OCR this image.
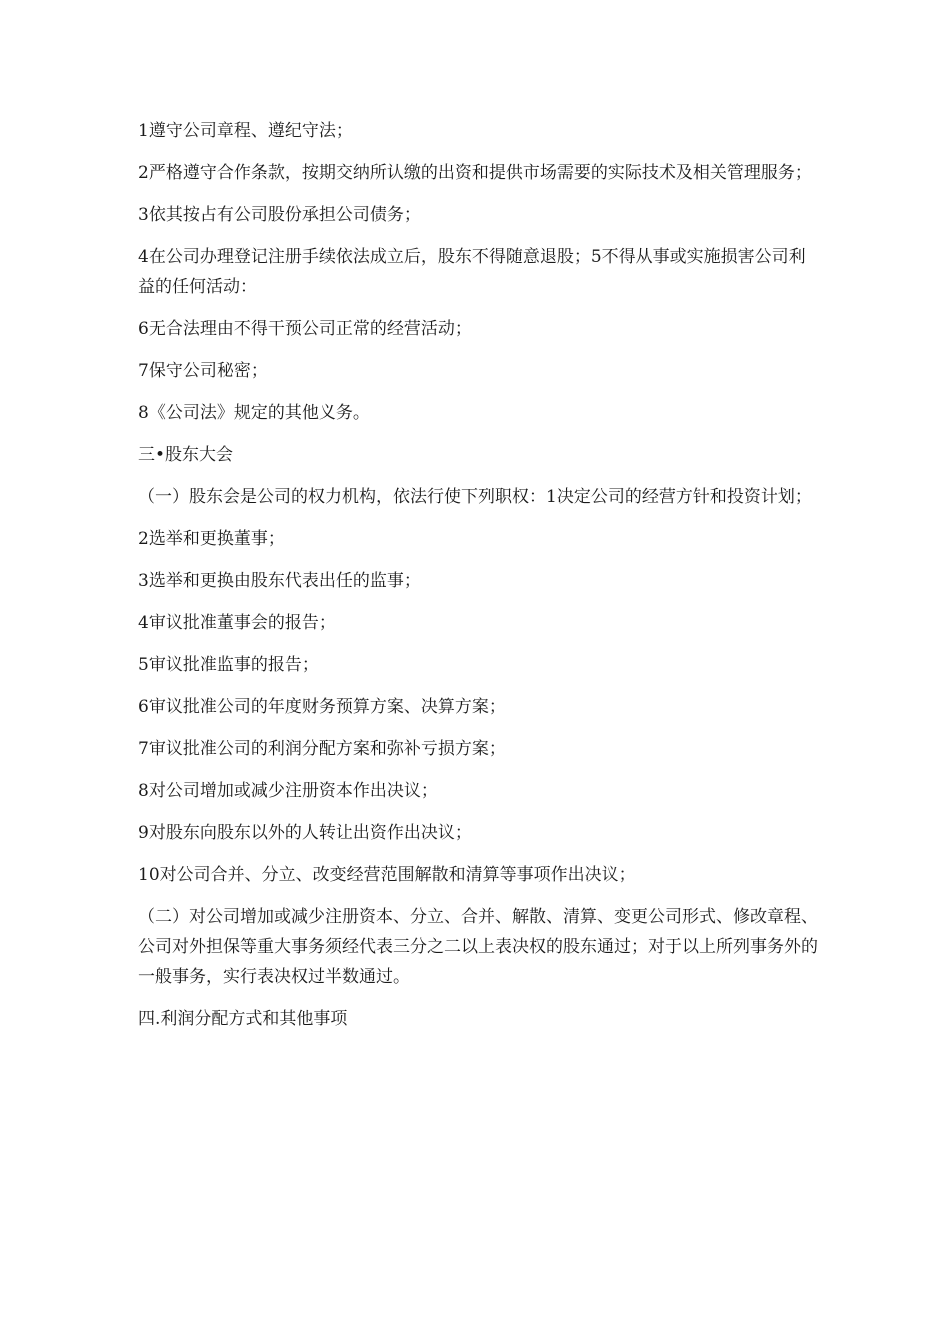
1遵守公司章程、遵纪守法；

2严格遵守合作条款，按期交纳所认缴的出资和提供市场需要的实际技术及相关管理服务；

3依其按占有公司股份承担公司债务；

4在公司办理登记注册手续依法成立后，股东不得随意退股；5不得从事或实施损害公司利益的任何活动：

6无合法理由不得干预公司正常的经营活动；

7保守公司秘密；

8《公司法》规定的其他义务。

三•股东大会

（一）股东会是公司的权力机构，依法行使下列职权：1决定公司的经营方针和投资计划；

2选举和更换董事；

3选举和更换由股东代表出任的监事；

4审议批准董事会的报告；

5审议批准监事的报告；

6审议批准公司的年度财务预算方案、决算方案；

7审议批准公司的利润分配方案和弥补亏损方案；

8对公司增加或减少注册资本作出决议；

9对股东向股东以外的人转让出资作出决议；

10对公司合并、分立、改变经营范围解散和清算等事项作出决议；

（二）对公司增加或减少注册资本、分立、合并、解散、清算、变更公司形式、修改章程、公司对外担保等重大事务须经代表三分之二以上表决权的股东通过；对于以上所列事务外的一般事务，实行表决权过半数通过。

四.利润分配方式和其他事项
